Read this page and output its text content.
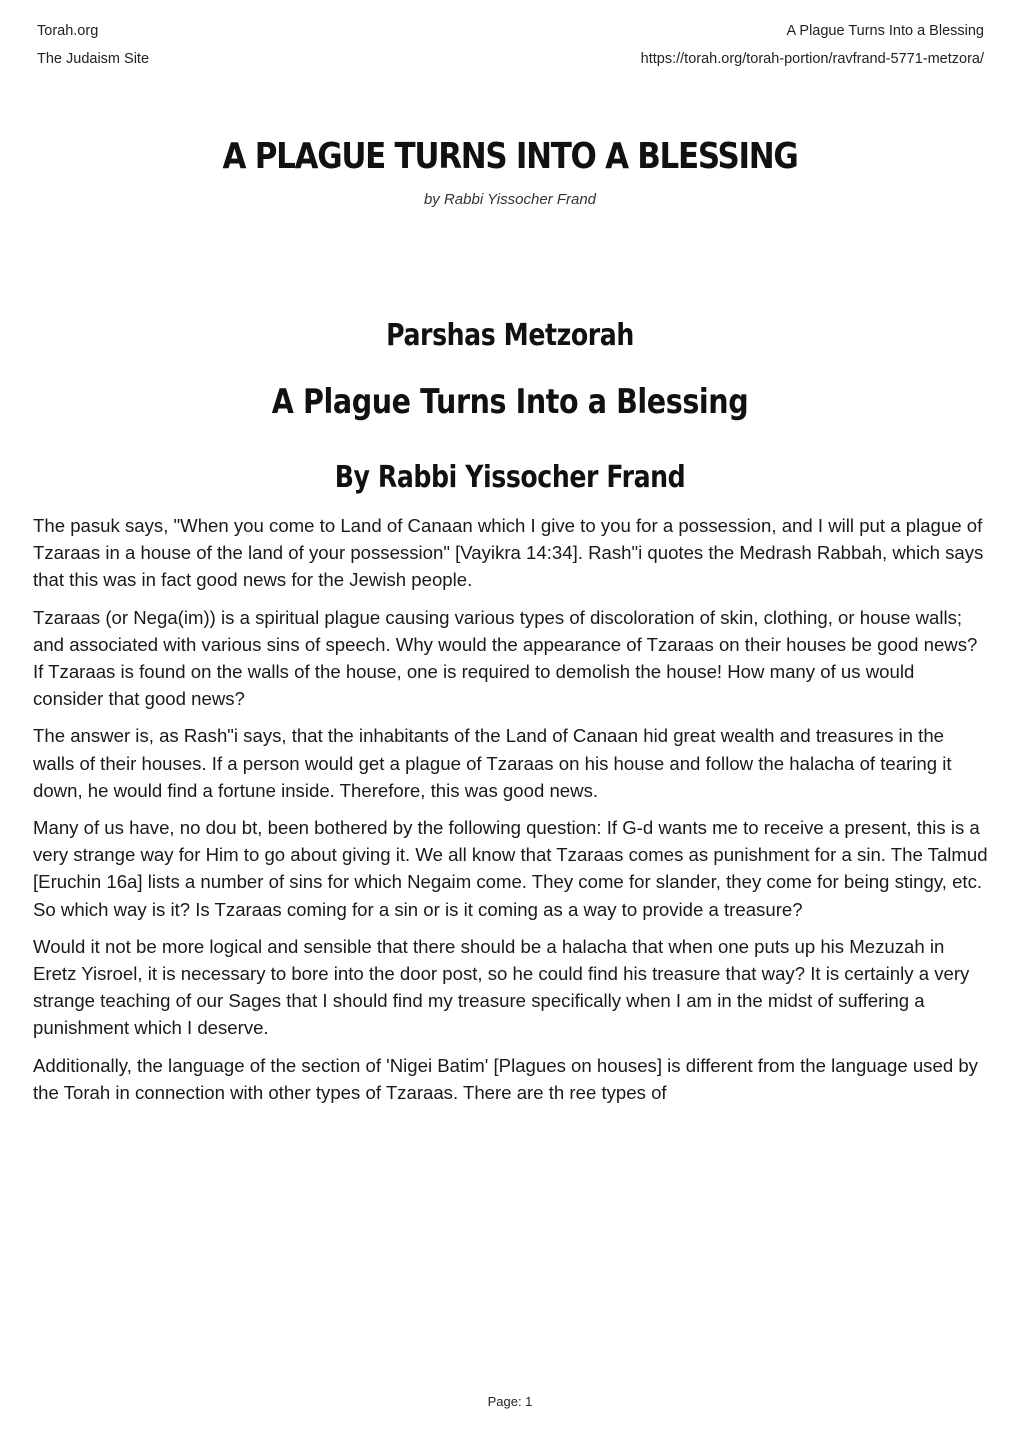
Torah.org
The Judaism Site
A Plague Turns Into a Blessing
https://torah.org/torah-portion/ravfrand-5771-metzora/
A PLAGUE TURNS INTO A BLESSING
by Rabbi Yissocher Frand
Parshas Metzorah
A Plague Turns Into a Blessing
By Rabbi Yissocher Frand

The pasuk says, "When you come to Land of Canaan which I give to you for a possession, and I will put a plague of Tzaraas in a house of the land of your possession" [Vayikra 14:34]. Rash"i quotes the Medrash Rabbah, which says that this was in fact good news for the Jewish people.

Tzaraas (or Nega(im)) is a spiritual plague causing various types of discoloration of skin, clothing, or house walls; and associated with various sins of speech. Why would the appearance of Tzaraas on their houses be good news? If Tzaraas is found on the walls of the house, one is required to demolish the house! How many of us would consider that good news?

The answer is, as Rash"i says, that the inhabitants of the Land of Canaan hid great wealth and treasures in the walls of their houses. If a person would get a plague of Tzaraas on his house and follow the halacha of tearing it down, he would find a fortune inside. Therefore, this was good news.

Many of us have, no dou bt, been bothered by the following question: If G-d wants me to receive a present, this is a very strange way for Him to go about giving it. We all know that Tzaraas comes as punishment for a sin. The Talmud [Eruchin 16a] lists a number of sins for which Negaim come. They come for slander, they come for being stingy, etc. So which way is it? Is Tzaraas coming for a sin or is it coming as a way to provide a treasure?

Would it not be more logical and sensible that there should be a halacha that when one puts up his Mezuzah in Eretz Yisroel, it is necessary to bore into the door post, so he could find his treasure that way? It is certainly a very strange teaching of our Sages that I should find my treasure specifically when I am in the midst of suffering a punishment which I deserve.

Additionally, the language of the section of 'Nigei Batim' [Plagues on houses] is different from the language used by the Torah in connection with other types of Tzaraas. There are th ree types of

Page: 1
